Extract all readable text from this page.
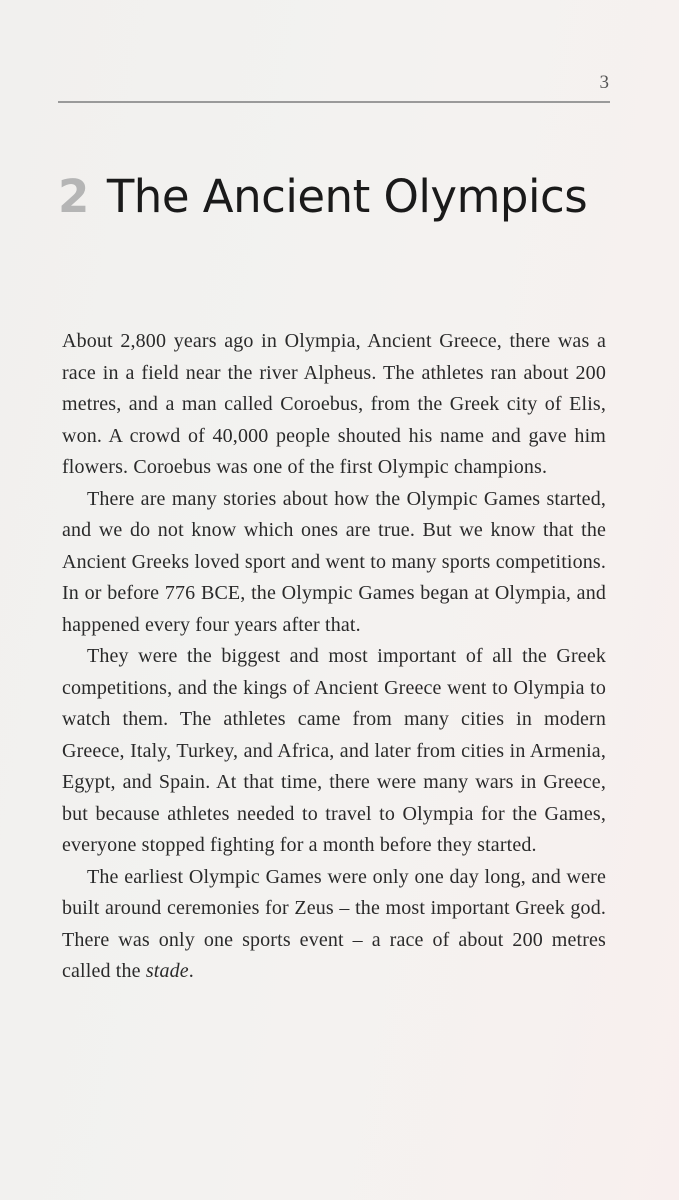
3
2 The Ancient Olympics

About 2,800 years ago in Olympia, Ancient Greece, there was a race in a field near the river Alpheus. The athletes ran about 200 metres, and a man called Coroebus, from the Greek city of Elis, won. A crowd of 40,000 people shouted his name and gave him flowers. Coroebus was one of the first Olympic champions.

There are many stories about how the Olympic Games started, and we do not know which ones are true. But we know that the Ancient Greeks loved sport and went to many sports competitions. In or before 776 BCE, the Olympic Games began at Olympia, and happened every four years after that.

They were the biggest and most important of all the Greek competitions, and the kings of Ancient Greece went to Olympia to watch them. The athletes came from many cities in modern Greece, Italy, Turkey, and Africa, and later from cities in Armenia, Egypt, and Spain. At that time, there were many wars in Greece, but because athletes needed to travel to Olympia for the Games, everyone stopped fighting for a month before they started.

The earliest Olympic Games were only one day long, and were built around ceremonies for Zeus – the most important Greek god. There was only one sports event – a race of about 200 metres called the stade.
